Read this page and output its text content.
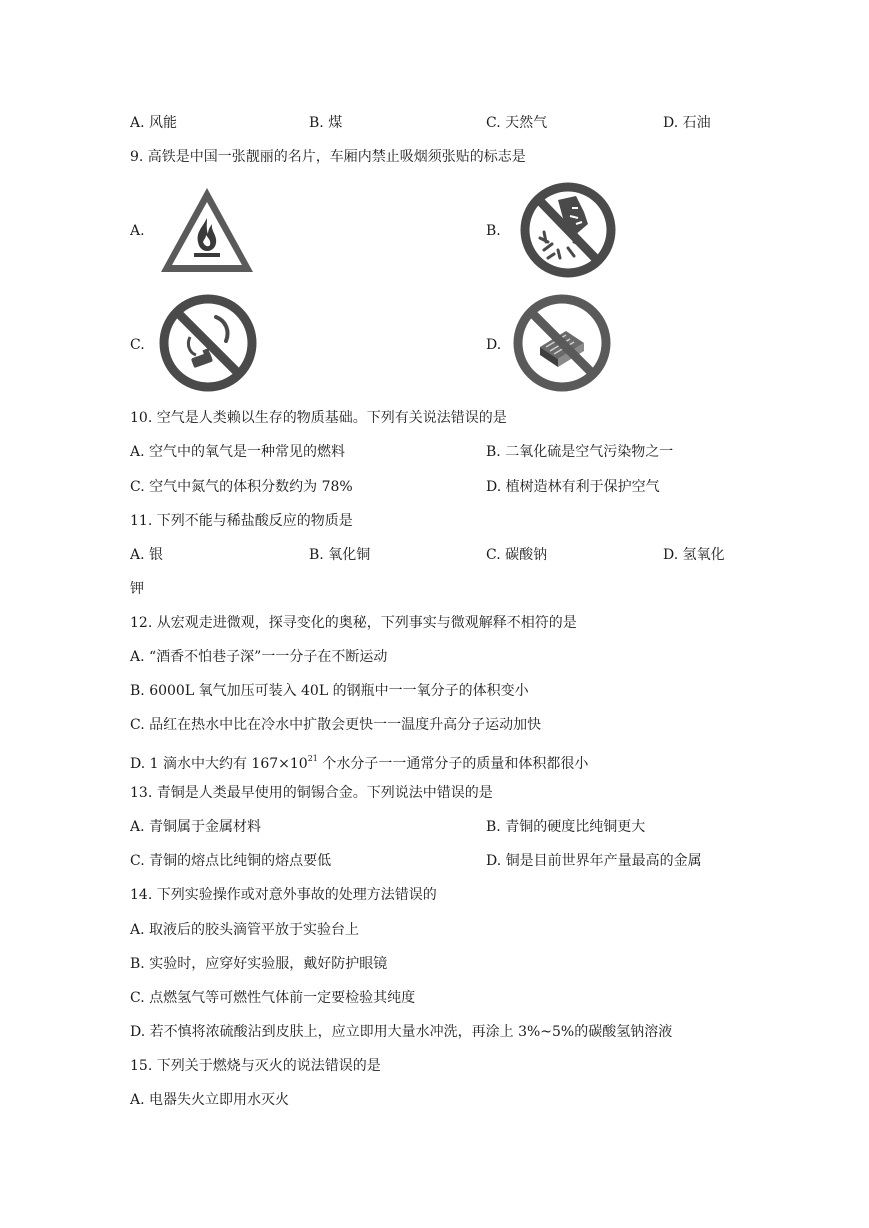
A. 风能	B. 煤	C. 天然气	D. 石油
9. 高铁是中国一张靓丽的名片，车厢内禁止吸烟须张贴的标志是
A.	B.
C.	D.
10. 空气是人类赖以生存的物质基础。下列有关说法错误的是
A. 空气中的氧气是一种常见的燃料	B. 二氧化硫是空气污染物之一
C. 空气中氮气的体积分数约为 78%	D. 植树造林有利于保护空气
11. 下列不能与稀盐酸反应的物质是
A. 银	B. 氧化铜	C. 碳酸钠	D. 氢氧化
钾
12. 从宏观走进微观，探寻变化的奥秘，下列事实与微观解释不相符的是
A. “酒香不怕巷子深”一一分子在不断运动
B. 6000L 氧气加压可装入 40L 的钢瓶中一一氧分子的体积变小
C. 品红在热水中比在冷水中扩散会更快一一温度升高分子运动加快
D. 1 滴水中大约有 $167\times 10^{21}$ 个水分子一一通常分子的质量和体积都很小
13. 青铜是人类最早使用的铜锡合金。下列说法中错误的是
A. 青铜属于金属材料	B. 青铜的硬度比纯铜更大
C. 青铜的熔点比纯铜的熔点要低	D. 铜是目前世界年产量最高的金属
14. 下列实验操作或对意外事故的处理方法错误的
A. 取液后的胶头滴管平放于实验台上
B. 实验时，应穿好实验服，戴好防护眼镜
C. 点燃氢气等可燃性气体前一定要检验其纯度
D. 若不慎将浓硫酸沾到皮肤上，应立即用大量水冲洗，再涂上 3%~5%的碳酸氢钠溶液
15. 下列关于燃烧与灭火的说法错误的是
A. 电器失火立即用水灭火
